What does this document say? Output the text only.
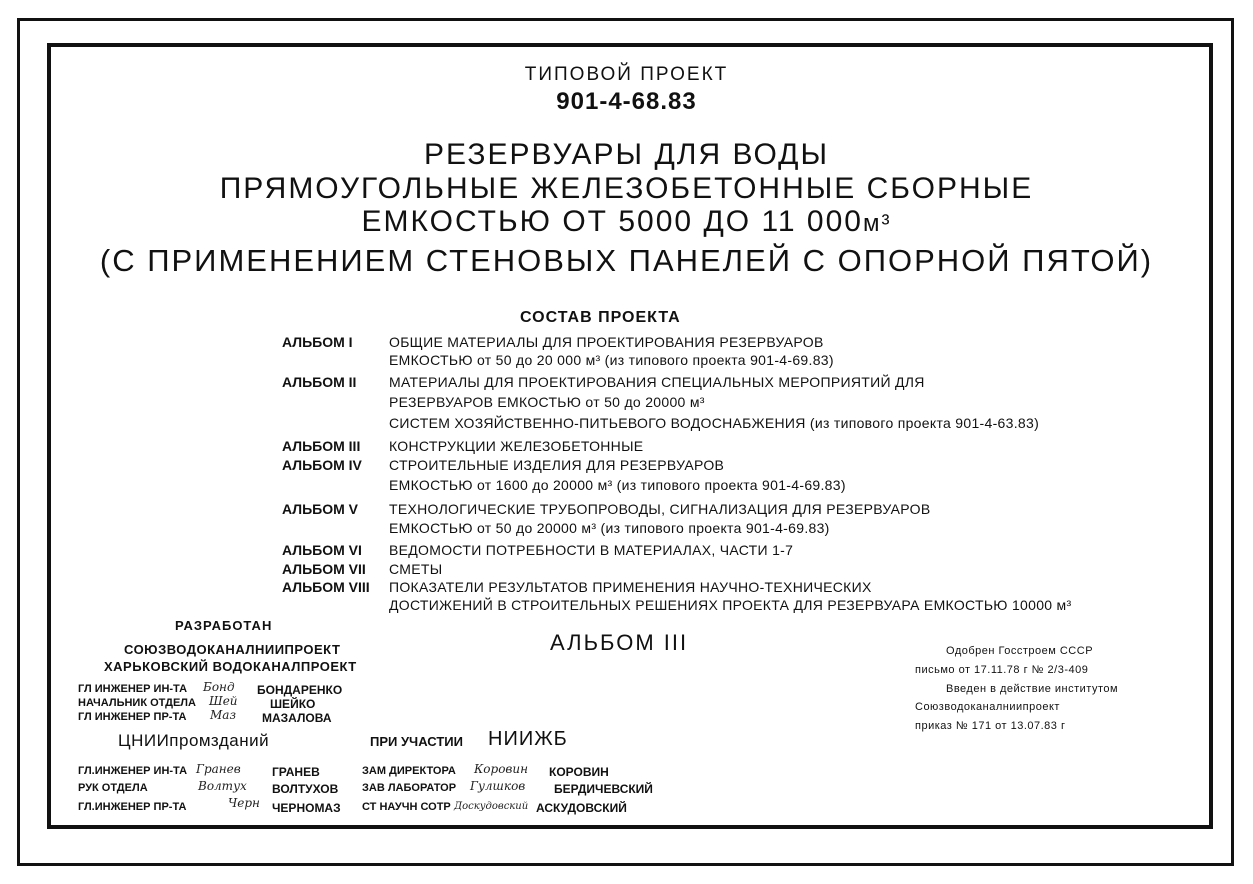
ТИПОВОЙ ПРОЕКТ
901-4-68.83
РЕЗЕРВУАРЫ ДЛЯ ВОДЫ
ПРЯМОУГОЛЬНЫЕ ЖЕЛЕЗОБЕТОННЫЕ СБОРНЫЕ
ЕМКОСТЬЮ ОТ 5000 ДО 11 000м³
(С ПРИМЕНЕНИЕМ СТЕНОВЫХ ПАНЕЛЕЙ С ОПОРНОЙ ПЯТОЙ)
СОСТАВ ПРОЕКТА
АЛЬБОМ I	ОБЩИЕ МАТЕРИАЛЫ ДЛЯ ПРОЕКТИРОВАНИЯ РЕЗЕРВУАРОВ
ЕМКОСТЬЮ от 50 до 20 000 м³ (из типового проекта 901-4-69.83)
АЛЬБОМ II	МАТЕРИАЛЫ ДЛЯ ПРОЕКТИРОВАНИЯ СПЕЦИАЛЬНЫХ МЕРОПРИЯТИЙ ДЛЯ
РЕЗЕРВУАРОВ ЕМКОСТЬЮ от 50 до 20000 м³
СИСТЕМ ХОЗЯЙСТВЕННО-ПИТЬЕВОГО ВОДОСНАБЖЕНИЯ (из типового проекта 901-4-63.83)
АЛЬБОМ III	КОНСТРУКЦИИ ЖЕЛЕЗОБЕТОННЫЕ
АЛЬБОМ IV	СТРОИТЕЛЬНЫЕ ИЗДЕЛИЯ ДЛЯ РЕЗЕРВУАРОВ
ЕМКОСТЬЮ от 1600 до 20000 м³ (из типового проекта 901-4-69.83)
АЛЬБОМ V	ТЕХНОЛОГИЧЕСКИЕ ТРУБОПРОВОДЫ, СИГНАЛИЗАЦИЯ ДЛЯ РЕЗЕРВУАРОВ
ЕМКОСТЬЮ от 50 до 20000 м³ (из типового проекта 901-4-69.83)
АЛЬБОМ VI	ВЕДОМОСТИ ПОТРЕБНОСТИ В МАТЕРИАЛАХ, ЧАСТИ 1-7
АЛЬБОМ VII	СМЕТЫ
АЛЬБОМ VIII	ПОКАЗАТЕЛИ РЕЗУЛЬТАТОВ ПРИМЕНЕНИЯ НАУЧНО-ТЕХНИЧЕСКИХ
ДОСТИЖЕНИЙ В СТРОИТЕЛЬНЫХ РЕШЕНИЯХ ПРОЕКТА ДЛЯ РЕЗЕРВУАРА ЕМКОСТЬЮ 10000 м³
АЛЬБОМ III
РАЗРАБОТАН
СОЮЗВОДОКАНАЛНИИПРОЕКТ
ХАРЬКОВСКИЙ ВОДОКАНАЛПРОЕКТ
ГЛ ИНЖЕНЕР ИН-ТА Бонд БОНДАРЕНКО
НАЧАЛЬНИК ОТДЕЛА Шей	ШЕЙКО
ГЛ ИНЖЕНЕР ПР-ТА Маз МАЗАЛОВА
ЦНИИпромзданий
ГЛ.ИНЖЕНЕР ИН-ТА Гранев	ГРАНЕВ
РУК ОТДЕЛА	Волтух ВОЛТУХОВ
ГЛ.ИНЖЕНЕР ПР-ТА	Черн ЧЕРНОМАЗ
ПРИ УЧАСТИИ НИИЖБ
ЗАМ ДИРЕКТОРА Коровин КОРОВИН
ЗАВ ЛАБОРАТОР Гулшков БЕРДИЧЕВСКИЙ
СТ НАУЧН СОТР Доскудовский АСКУДОВСКИЙ
Одобрен Госстроем СССР
письмо от 17.11.78 г № 2/3-409
Введен в действие институтом
Союзводоканалниипроект
приказ № 171 от 13.07.83 г
